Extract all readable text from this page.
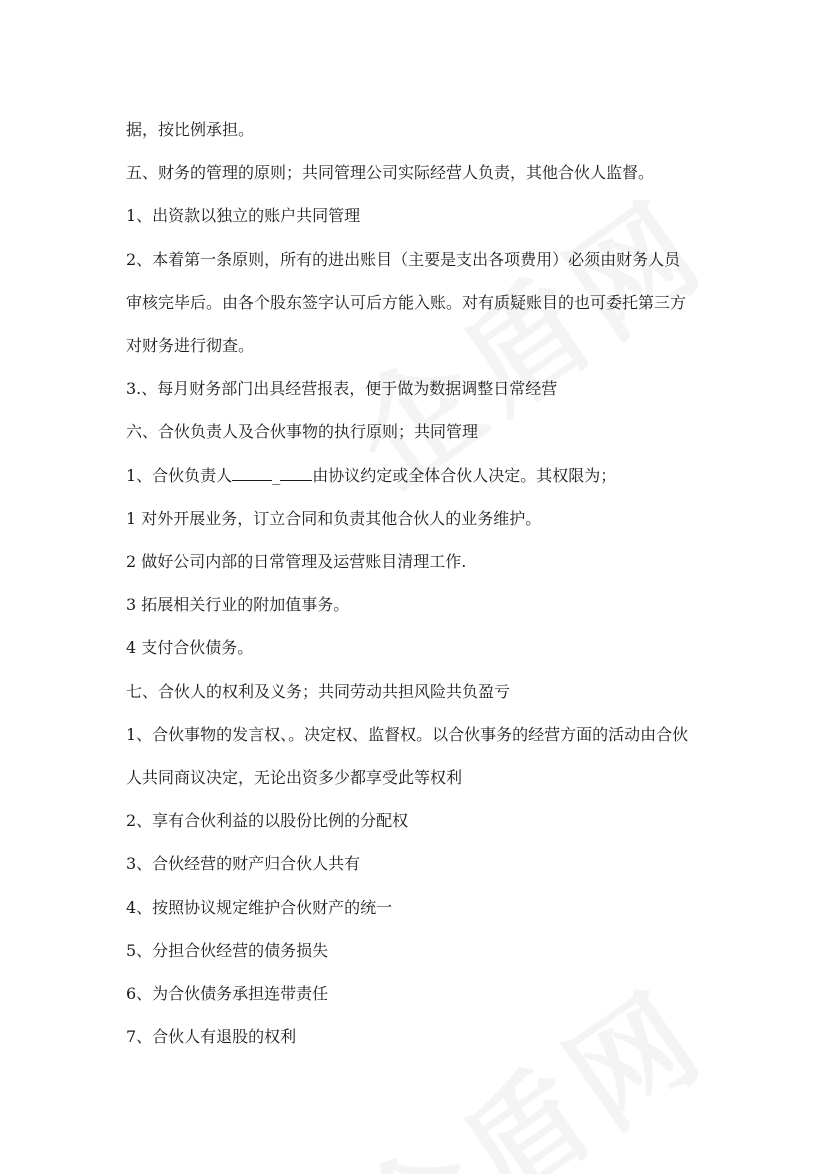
据，按比例承担。

五、财务的管理的原则；共同管理公司实际经营人负责，其他合伙人监督。

1、出资款以独立的账户共同管理

2、本着第一条原则，所有的进出账目（主要是支出各项费用）必须由财务人员

审核完毕后。由各个股东签字认可后方能入账。对有质疑账目的也可委托第三方

对财务进行彻查。

3.、每月财务部门出具经营报表，便于做为数据调整日常经营

六、合伙负责人及合伙事物的执行原则；共同管理

1、合伙负责人	_ 由协议约定或全体合伙人决定。其权限为；

1 对外开展业务，订立合同和负责其他合伙人的业务维护。

2 做好公司内部的日常管理及运营账目清理工作.

3 拓展相关行业的附加值事务。

4 支付合伙债务。

七、合伙人的权利及义务；共同劳动共担风险共负盈亏

1、合伙事物的发言权、。决定权、监督权。以合伙事务的经营方面的活动由合伙

人共同商议决定，无论出资多少都享受此等权利

2、享有合伙利益的以股份比例的分配权

3、合伙经营的财产归合伙人共有

4、按照协议规定维护合伙财产的统一

5、分担合伙经营的债务损失

6、为合伙债务承担连带责任

7、合伙人有退股的权利
